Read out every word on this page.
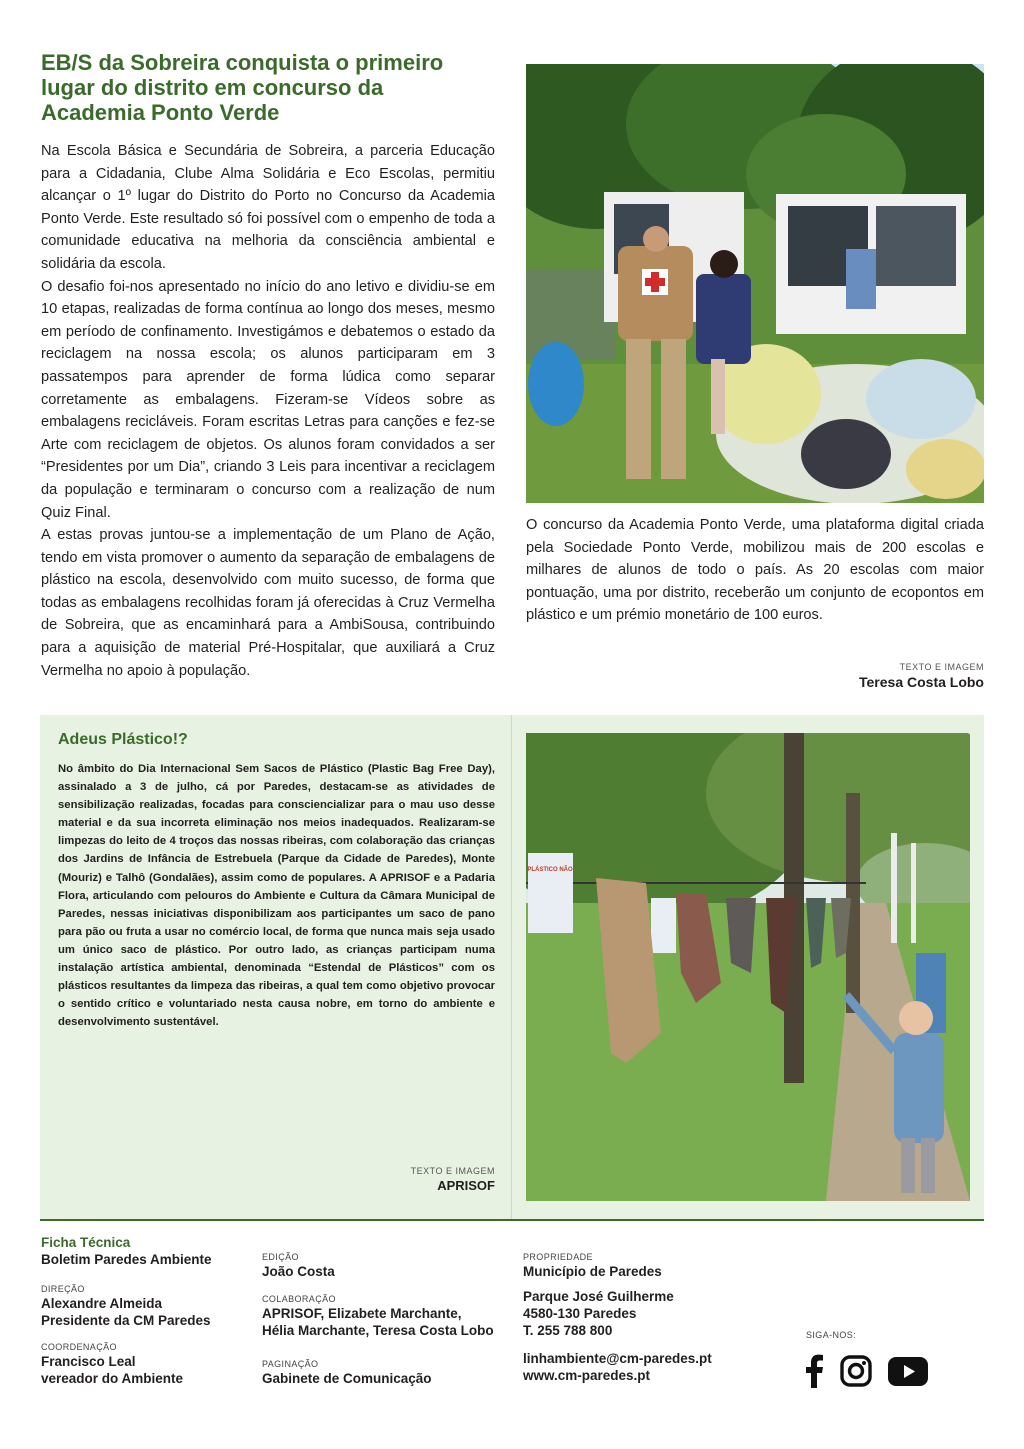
EB/S da Sobreira conquista o primeiro lugar do distrito em concurso da Academia Ponto Verde

Na Escola Básica e Secundária de Sobreira, a parceria Educação para a Cidadania, Clube Alma Solidária e Eco Escolas, permitiu alcançar o 1º lugar do Distrito do Porto no Concurso da Academia Ponto Verde. Este resultado só foi possível com o empenho de toda a comunidade educativa na melhoria da consciência ambiental e solidária da escola.

O desafio foi-nos apresentado no início do ano letivo e dividiu-se em 10 etapas, realizadas de forma contínua ao longo dos meses, mesmo em período de confinamento. Investigámos e debatemos o estado da reciclagem na nossa escola; os alunos participaram em 3 passatempos para aprender de forma lúdica como separar corretamente as embalagens. Fizeram-se Vídeos sobre as embalagens recicláveis. Foram escritas Letras para canções e fez-se Arte com reciclagem de objetos. Os alunos foram convidados a ser “Presidentes por um Dia”, criando 3 Leis para incentivar a reciclagem da população e terminaram o concurso com a realização de num Quiz Final.

A estas provas juntou-se a implementação de um Plano de Ação, tendo em vista promover o aumento da separação de embalagens de plástico na escola, desenvolvido com muito sucesso, de forma que todas as embalagens recolhidas foram já oferecidas à Cruz Vermelha de Sobreira, que as encaminhará para a AmbiSousa, contribuindo para a aquisição de material Pré-Hospitalar, que auxiliará a Cruz Vermelha no apoio à população.

O concurso da Academia Ponto Verde, uma plataforma digital criada pela Sociedade Ponto Verde, mobilizou mais de 200 escolas e milhares de alunos de todo o país. As 20 escolas com maior pontuação, uma por distrito, receberão um conjunto de ecopontos em plástico e um prémio monetário de 100 euros.
TEXTO E IMAGEM
Teresa Costa Lobo
Adeus Plástico!?
No âmbito do Dia Internacional Sem Sacos de Plástico (Plastic Bag Free Day), assinalado a 3 de julho, cá por Paredes, destacam-se as atividades de sensibilização realizadas, focadas para consciencializar para o mau uso desse material e da sua incorreta eliminação nos meios inadequados. Realizaram-se limpezas do leito de 4 troços das nossas ribeiras, com colaboração das crianças dos Jardins de Infância de Estrebuela (Parque da Cidade de Paredes), Monte (Mouriz) e Talhô (Gondalães), assim como de populares. A APRISOF e a Padaria Flora, articulando com pelouros do Ambiente e Cultura da Câmara Municipal de Paredes, nessas iniciativas disponibilizam aos participantes um saco de pano para pão ou fruta a usar no comércio local, de forma que nunca mais seja usado um único saco de plástico. Por outro lado, as crianças participam numa instalação artística ambiental, denominada “Estendal de Plásticos” com os plásticos resultantes da limpeza das ribeiras, a qual tem como objetivo provocar o sentido crítico e voluntariado nesta causa nobre, em torno do ambiente e desenvolvimento sustentável.
TEXTO E IMAGEM
APRISOF
PLÁSTICO NÃO
Ficha Técnica
Boletim Paredes Ambiente
DIREÇÃO
Alexandre Almeida
Presidente da CM Paredes
COORDENAÇÃO
Francisco Leal
vereador do Ambiente
EDIÇÃO
João Costa
COLABORAÇÃO
APRISOF, Elizabete Marchante,
Hélia Marchante, Teresa Costa Lobo
PAGINAÇÃO
Gabinete de Comunicação
PROPRIEDADE
Município de Paredes
Parque José Guilherme
4580-130 Paredes
T. 255 788 800
linhambiente@cm-paredes.pt
www.cm-paredes.pt
SIGA-NOS:
